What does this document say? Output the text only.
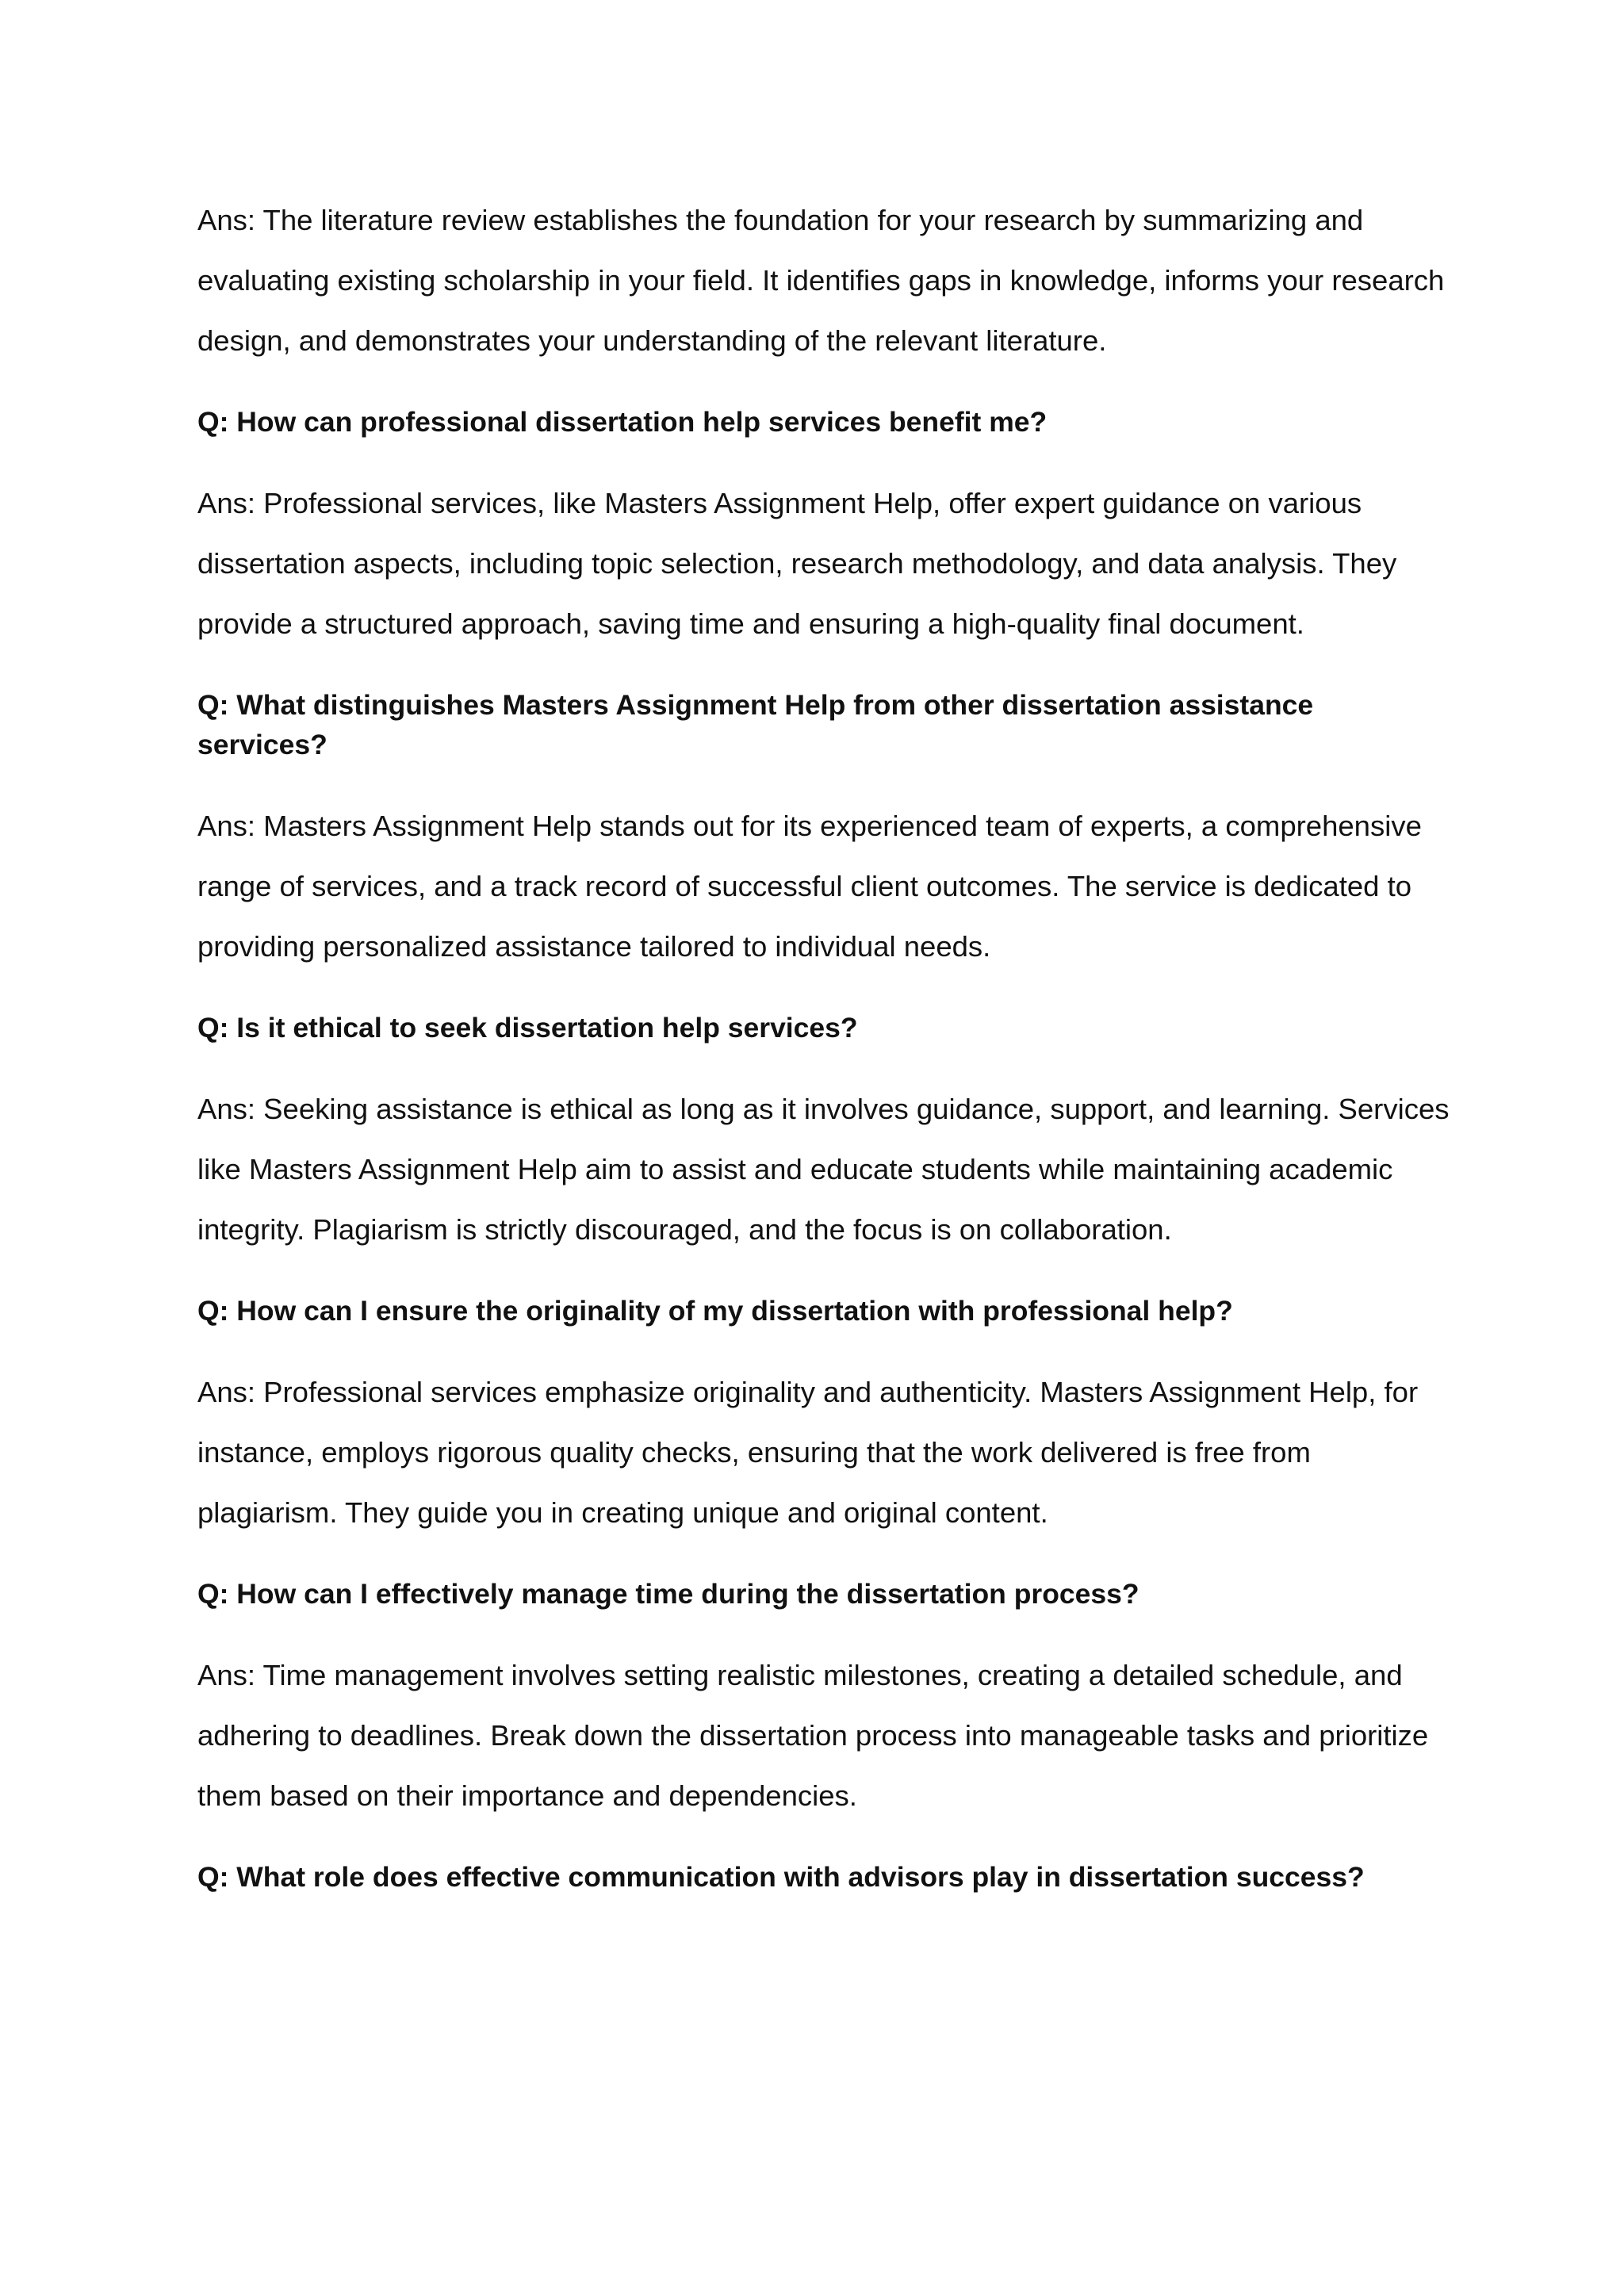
Ans: The literature review establishes the foundation for your research by summarizing and evaluating existing scholarship in your field. It identifies gaps in knowledge, informs your research design, and demonstrates your understanding of the relevant literature.

Q: How can professional dissertation help services benefit me?

Ans: Professional services, like Masters Assignment Help, offer expert guidance on various dissertation aspects, including topic selection, research methodology, and data analysis. They provide a structured approach, saving time and ensuring a high-quality final document.

Q: What distinguishes Masters Assignment Help from other dissertation assistance services?

Ans: Masters Assignment Help stands out for its experienced team of experts, a comprehensive range of services, and a track record of successful client outcomes. The service is dedicated to providing personalized assistance tailored to individual needs.

Q: Is it ethical to seek dissertation help services?

Ans: Seeking assistance is ethical as long as it involves guidance, support, and learning. Services like Masters Assignment Help aim to assist and educate students while maintaining academic integrity. Plagiarism is strictly discouraged, and the focus is on collaboration.

Q: How can I ensure the originality of my dissertation with professional help?

Ans: Professional services emphasize originality and authenticity. Masters Assignment Help, for instance, employs rigorous quality checks, ensuring that the work delivered is free from plagiarism. They guide you in creating unique and original content.

Q: How can I effectively manage time during the dissertation process?

Ans: Time management involves setting realistic milestones, creating a detailed schedule, and adhering to deadlines. Break down the dissertation process into manageable tasks and prioritize them based on their importance and dependencies.

Q: What role does effective communication with advisors play in dissertation success?
